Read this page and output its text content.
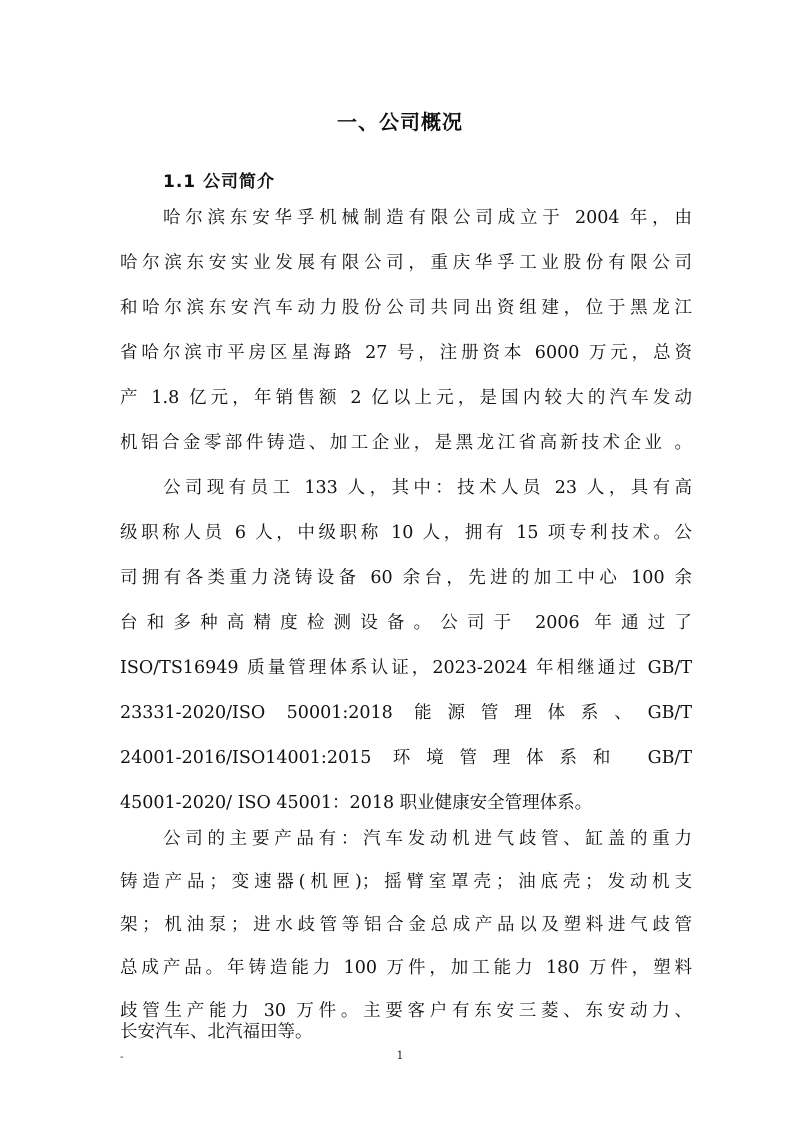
一、公司概况
1.1 公司简介
哈尔滨东安华孚机械制造有限公司成立于 2004 年，由
哈尔滨东安实业发展有限公司，重庆华孚工业股份有限公司
和哈尔滨东安汽车动力股份公司共同出资组建，位于黑龙江
省哈尔滨市平房区星海路 27 号，注册资本 6000 万元，总资
产 1.8 亿元，年销售额 2 亿以上元，是国内较大的汽车发动
机铝合金零部件铸造、加工企业，是黑龙江省高新技术企业 。
公司现有员工 133 人，其中：技术人员 23 人，具有高
级职称人员 6 人，中级职称 10 人，拥有 15 项专利技术。公
司拥有各类重力浇铸设备 60 余台，先进的加工中心 100 余
台和多种高精度检测设备。公司于 2006 年通过了
ISO/TS16949 质量管理体系认证，2023-2024 年相继通过 GB/T
23331-2020/ISO 50001:2018 能源管理体系、GB/T
24001-2016/ISO14001:2015 环境管理体系和 GB/T
45001-2020/ ISO 45001：2018 职业健康安全管理体系。
公司的主要产品有：汽车发动机进气歧管、缸盖的重力
铸造产品；变速器(机匣)；摇臂室罩壳；油底壳；发动机支
架；机油泵；进水歧管等铝合金总成产品以及塑料进气歧管
总成产品。年铸造能力 100 万件，加工能力 180 万件，塑料
-	1
歧管生产能力 30 万件。主要客户有东安三菱、东安动力、
长安汽车、北汽福田等。
